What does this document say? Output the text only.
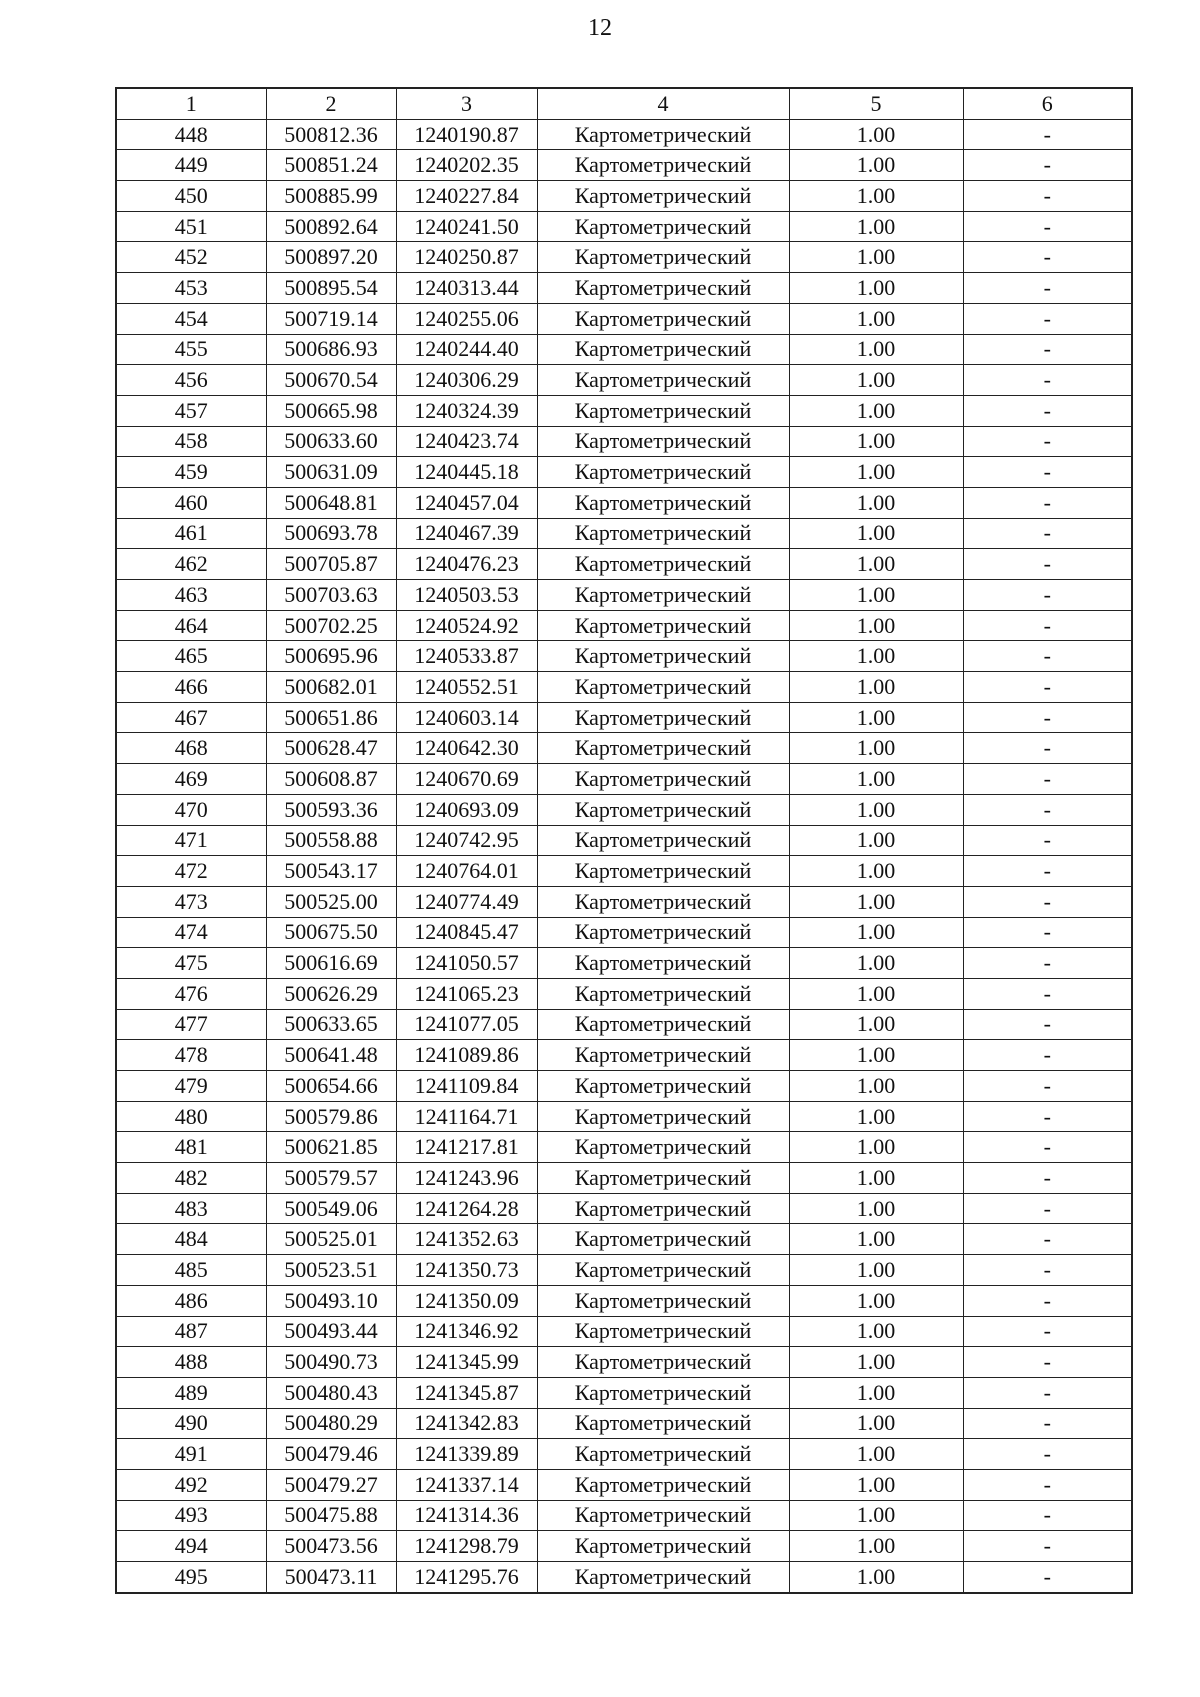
12
1	2	3	4	5	6
448	500812.36	1240190.87	Картометрический	1.00	-
449	500851.24	1240202.35	Картометрический	1.00	-
450	500885.99	1240227.84	Картометрический	1.00	-
451	500892.64	1240241.50	Картометрический	1.00	-
452	500897.20	1240250.87	Картометрический	1.00	-
453	500895.54	1240313.44	Картометрический	1.00	-
454	500719.14	1240255.06	Картометрический	1.00	-
455	500686.93	1240244.40	Картометрический	1.00	-
456	500670.54	1240306.29	Картометрический	1.00	-
457	500665.98	1240324.39	Картометрический	1.00	-
458	500633.60	1240423.74	Картометрический	1.00	-
459	500631.09	1240445.18	Картометрический	1.00	-
460	500648.81	1240457.04	Картометрический	1.00	-
461	500693.78	1240467.39	Картометрический	1.00	-
462	500705.87	1240476.23	Картометрический	1.00	-
463	500703.63	1240503.53	Картометрический	1.00	-
464	500702.25	1240524.92	Картометрический	1.00	-
465	500695.96	1240533.87	Картометрический	1.00	-
466	500682.01	1240552.51	Картометрический	1.00	-
467	500651.86	1240603.14	Картометрический	1.00	-
468	500628.47	1240642.30	Картометрический	1.00	-
469	500608.87	1240670.69	Картометрический	1.00	-
470	500593.36	1240693.09	Картометрический	1.00	-
471	500558.88	1240742.95	Картометрический	1.00	-
472	500543.17	1240764.01	Картометрический	1.00	-
473	500525.00	1240774.49	Картометрический	1.00	-
474	500675.50	1240845.47	Картометрический	1.00	-
475	500616.69	1241050.57	Картометрический	1.00	-
476	500626.29	1241065.23	Картометрический	1.00	-
477	500633.65	1241077.05	Картометрический	1.00	-
478	500641.48	1241089.86	Картометрический	1.00	-
479	500654.66	1241109.84	Картометрический	1.00	-
480	500579.86	1241164.71	Картометрический	1.00	-
481	500621.85	1241217.81	Картометрический	1.00	-
482	500579.57	1241243.96	Картометрический	1.00	-
483	500549.06	1241264.28	Картометрический	1.00	-
484	500525.01	1241352.63	Картометрический	1.00	-
485	500523.51	1241350.73	Картометрический	1.00	-
486	500493.10	1241350.09	Картометрический	1.00	-
487	500493.44	1241346.92	Картометрический	1.00	-
488	500490.73	1241345.99	Картометрический	1.00	-
489	500480.43	1241345.87	Картометрический	1.00	-
490	500480.29	1241342.83	Картометрический	1.00	-
491	500479.46	1241339.89	Картометрический	1.00	-
492	500479.27	1241337.14	Картометрический	1.00	-
493	500475.88	1241314.36	Картометрический	1.00	-
494	500473.56	1241298.79	Картометрический	1.00	-
495	500473.11	1241295.76	Картометрический	1.00	-
